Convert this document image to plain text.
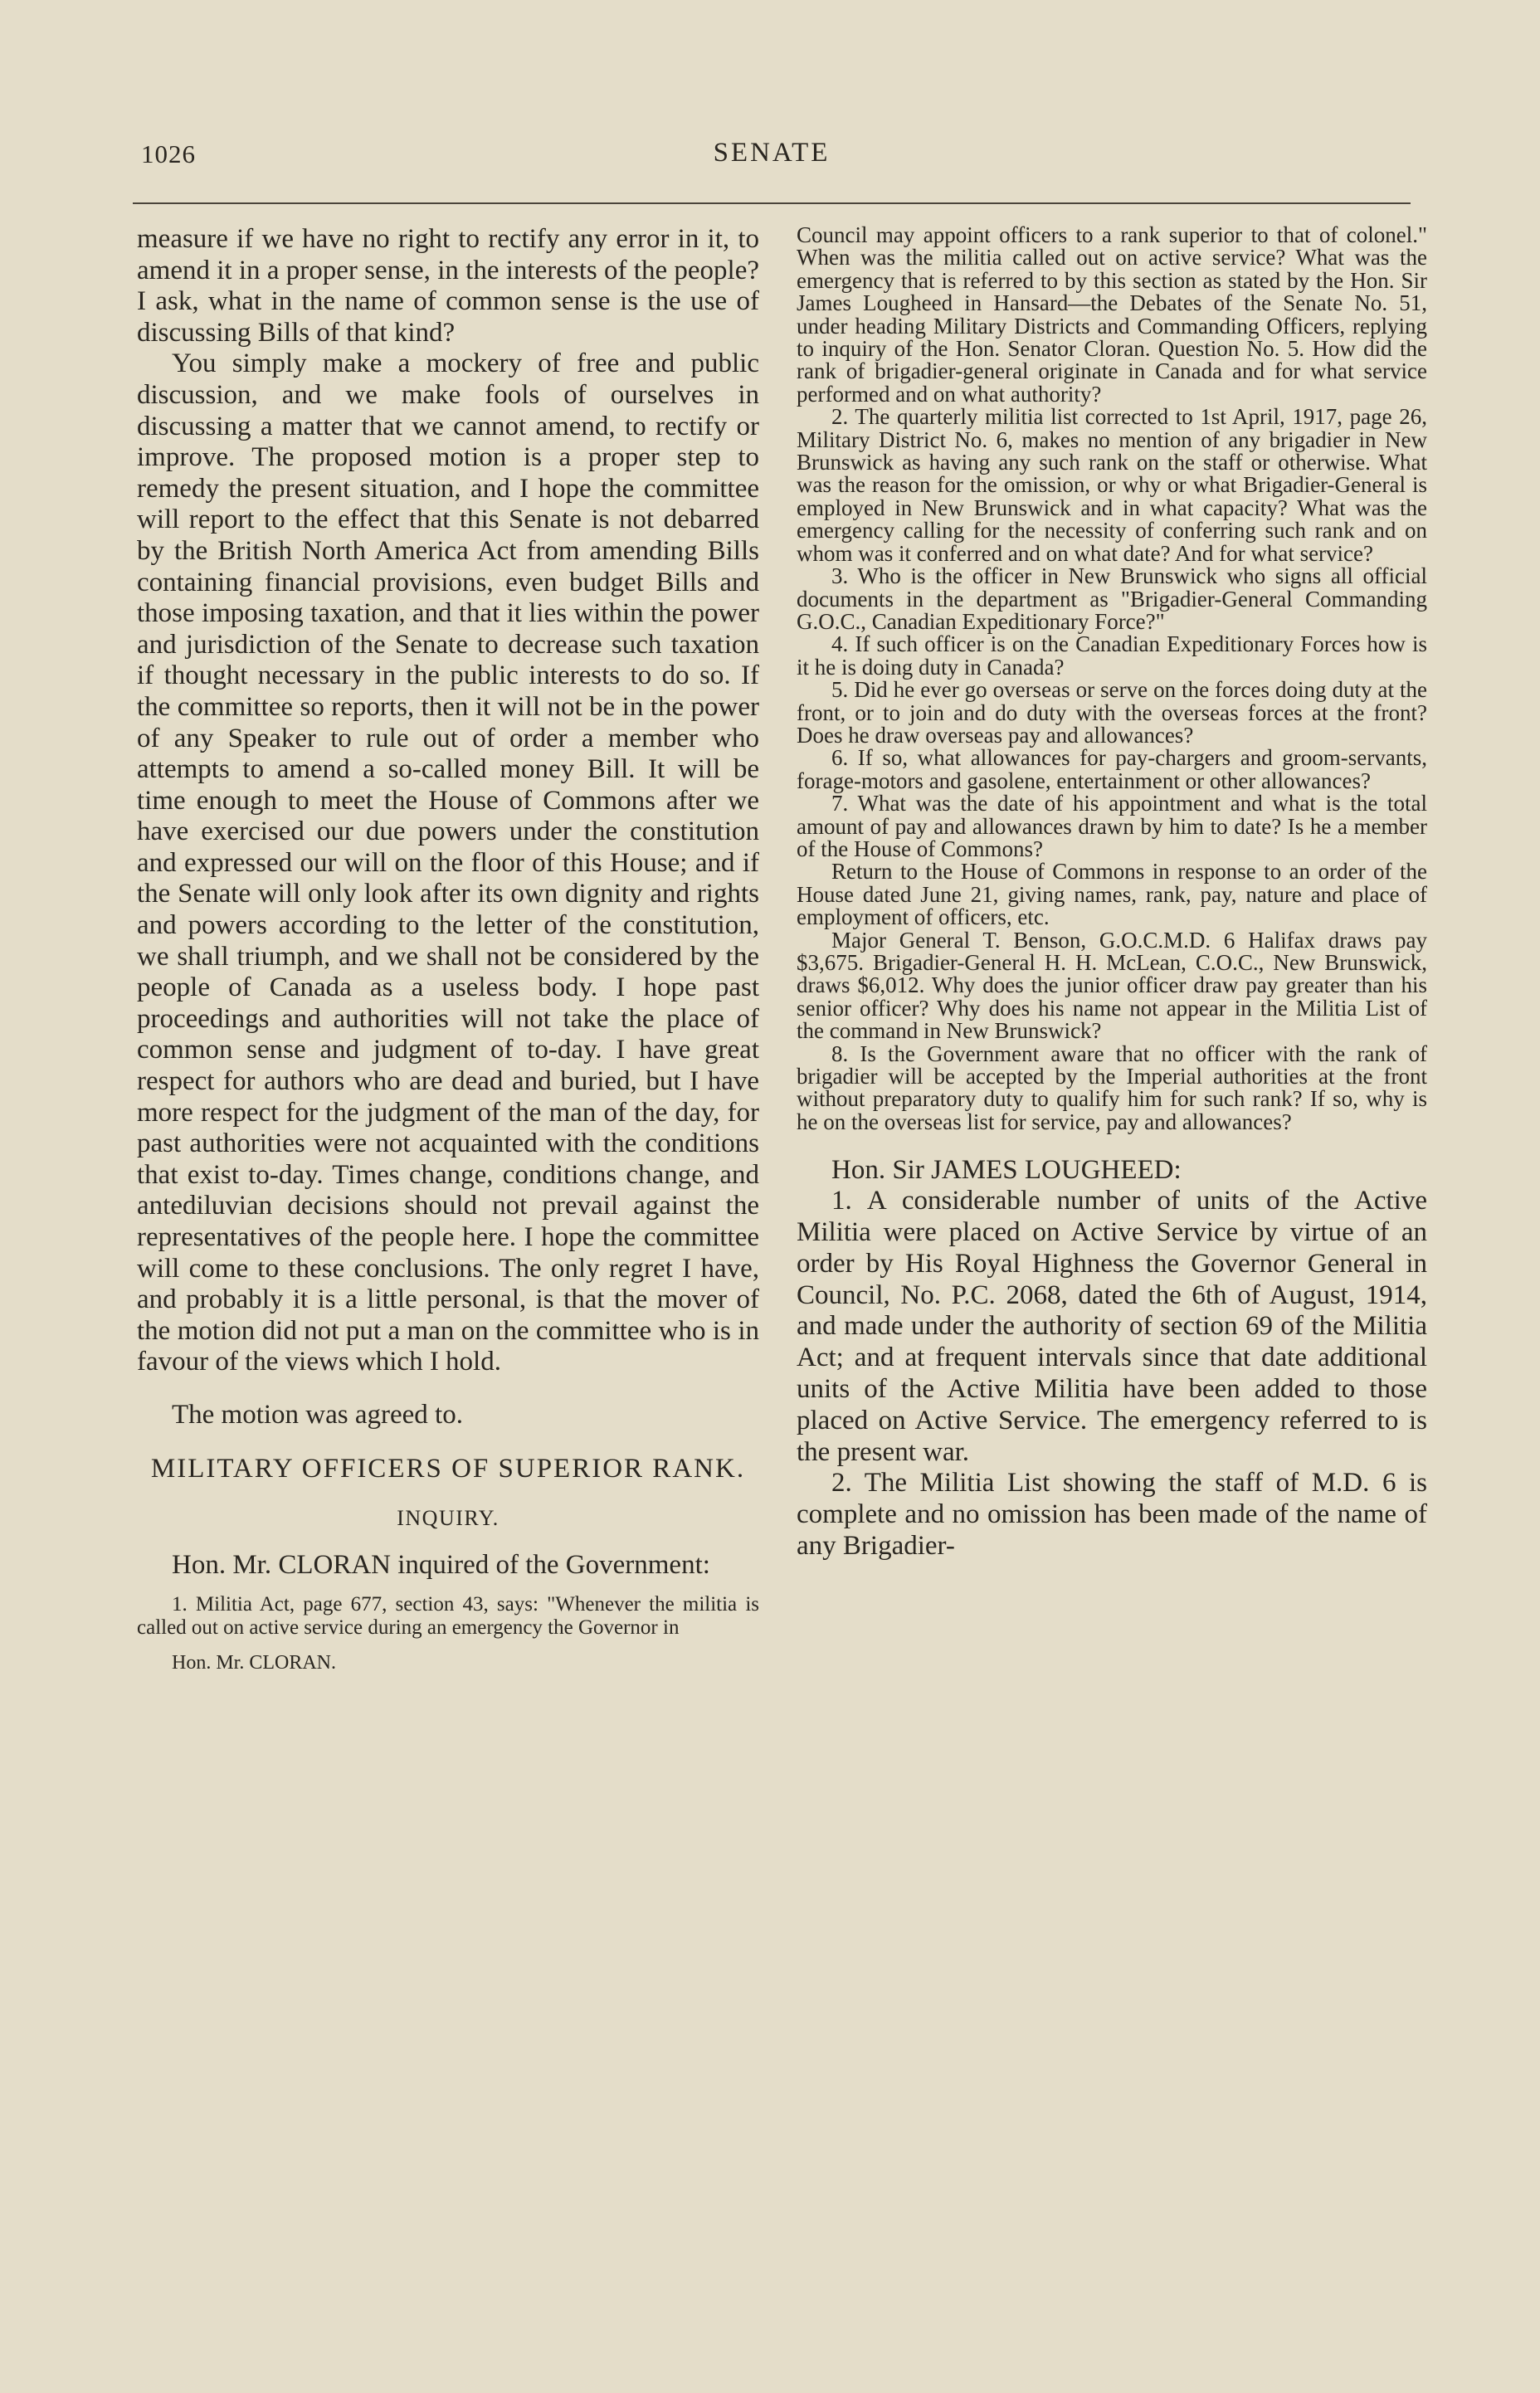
1026	SENATE

measure if we have no right to rectify any error in it, to amend it in a proper sense, in the interests of the people? I ask, what in the name of common sense is the use of discussing Bills of that kind?

You simply make a mockery of free and public discussion, and we make fools of ourselves in discussing a matter that we cannot amend, to rectify or improve. The proposed motion is a proper step to remedy the present situation, and I hope the committee will report to the effect that this Senate is not debarred by the British North America Act from amending Bills containing financial provisions, even budget Bills and those imposing taxation, and that it lies within the power and jurisdiction of the Senate to decrease such taxation if thought necessary in the public interests to do so. If the committee so reports, then it will not be in the power of any Speaker to rule out of order a member who attempts to amend a so-called money Bill. It will be time enough to meet the House of Commons after we have exercised our due powers under the constitution and expressed our will on the floor of this House; and if the Senate will only look after its own dignity and rights and powers according to the letter of the constitution, we shall triumph, and we shall not be considered by the people of Canada as a useless body. I hope past proceedings and authorities will not take the place of common sense and judgment of to-day. I have great respect for authors who are dead and buried, but I have more respect for the judgment of the man of the day, for past authorities were not acquainted with the conditions that exist to-day. Times change, conditions change, and antediluvian decisions should not prevail against the representatives of the people here. I hope the committee will come to these conclusions. The only regret I have, and probably it is a little personal, is that the mover of the motion did not put a man on the committee who is in favour of the views which I hold.

The motion was agreed to.

MILITARY OFFICERS OF SUPERIOR RANK.

INQUIRY.

Hon. Mr. CLORAN inquired of the Government:

1. Militia Act, page 677, section 43, says: "Whenever the militia is called out on active service during an emergency the Governor in

Hon. Mr. CLORAN.

Council may appoint officers to a rank superior to that of colonel." When was the militia called out on active service? What was the emergency that is referred to by this section as stated by the Hon. Sir James Lougheed in Hansard—the Debates of the Senate No. 51, under heading Military Districts and Commanding Officers, replying to inquiry of the Hon. Senator Cloran. Question No. 5. How did the rank of brigadier-general originate in Canada and for what service performed and on what authority?

2. The quarterly militia list corrected to 1st April, 1917, page 26, Military District No. 6, makes no mention of any brigadier in New Brunswick as having any such rank on the staff or otherwise. What was the reason for the omission, or why or what Brigadier-General is employed in New Brunswick and in what capacity? What was the emergency calling for the necessity of conferring such rank and on whom was it conferred and on what date? And for what service?

3. Who is the officer in New Brunswick who signs all official documents in the department as "Brigadier-General Commanding G.O.C., Canadian Expeditionary Force?"

4. If such officer is on the Canadian Expeditionary Forces how is it he is doing duty in Canada?

5. Did he ever go overseas or serve on the forces doing duty at the front, or to join and do duty with the overseas forces at the front? Does he draw overseas pay and allowances?

6. If so, what allowances for pay-chargers and groom-servants, forage-motors and gasolene, entertainment or other allowances?

7. What was the date of his appointment and what is the total amount of pay and allowances drawn by him to date? Is he a member of the House of Commons?

Return to the House of Commons in response to an order of the House dated June 21, giving names, rank, pay, nature and place of employment of officers, etc.

Major General T. Benson, G.O.C.M.D. 6 Halifax draws pay $3,675. Brigadier-General H. H. McLean, C.O.C., New Brunswick, draws $6,012. Why does the junior officer draw pay greater than his senior officer? Why does his name not appear in the Militia List of the command in New Brunswick?

8. Is the Government aware that no officer with the rank of brigadier will be accepted by the Imperial authorities at the front without preparatory duty to qualify him for such rank? If so, why is he on the overseas list for service, pay and allowances?

Hon. Sir JAMES LOUGHEED:

1. A considerable number of units of the Active Militia were placed on Active Service by virtue of an order by His Royal Highness the Governor General in Council, No. P.C. 2068, dated the 6th of August, 1914, and made under the authority of section 69 of the Militia Act; and at frequent intervals since that date additional units of the Active Militia have been added to those placed on Active Service. The emergency referred to is the present war.

2. The Militia List showing the staff of M.D. 6 is complete and no omission has been made of the name of any Brigadier-
